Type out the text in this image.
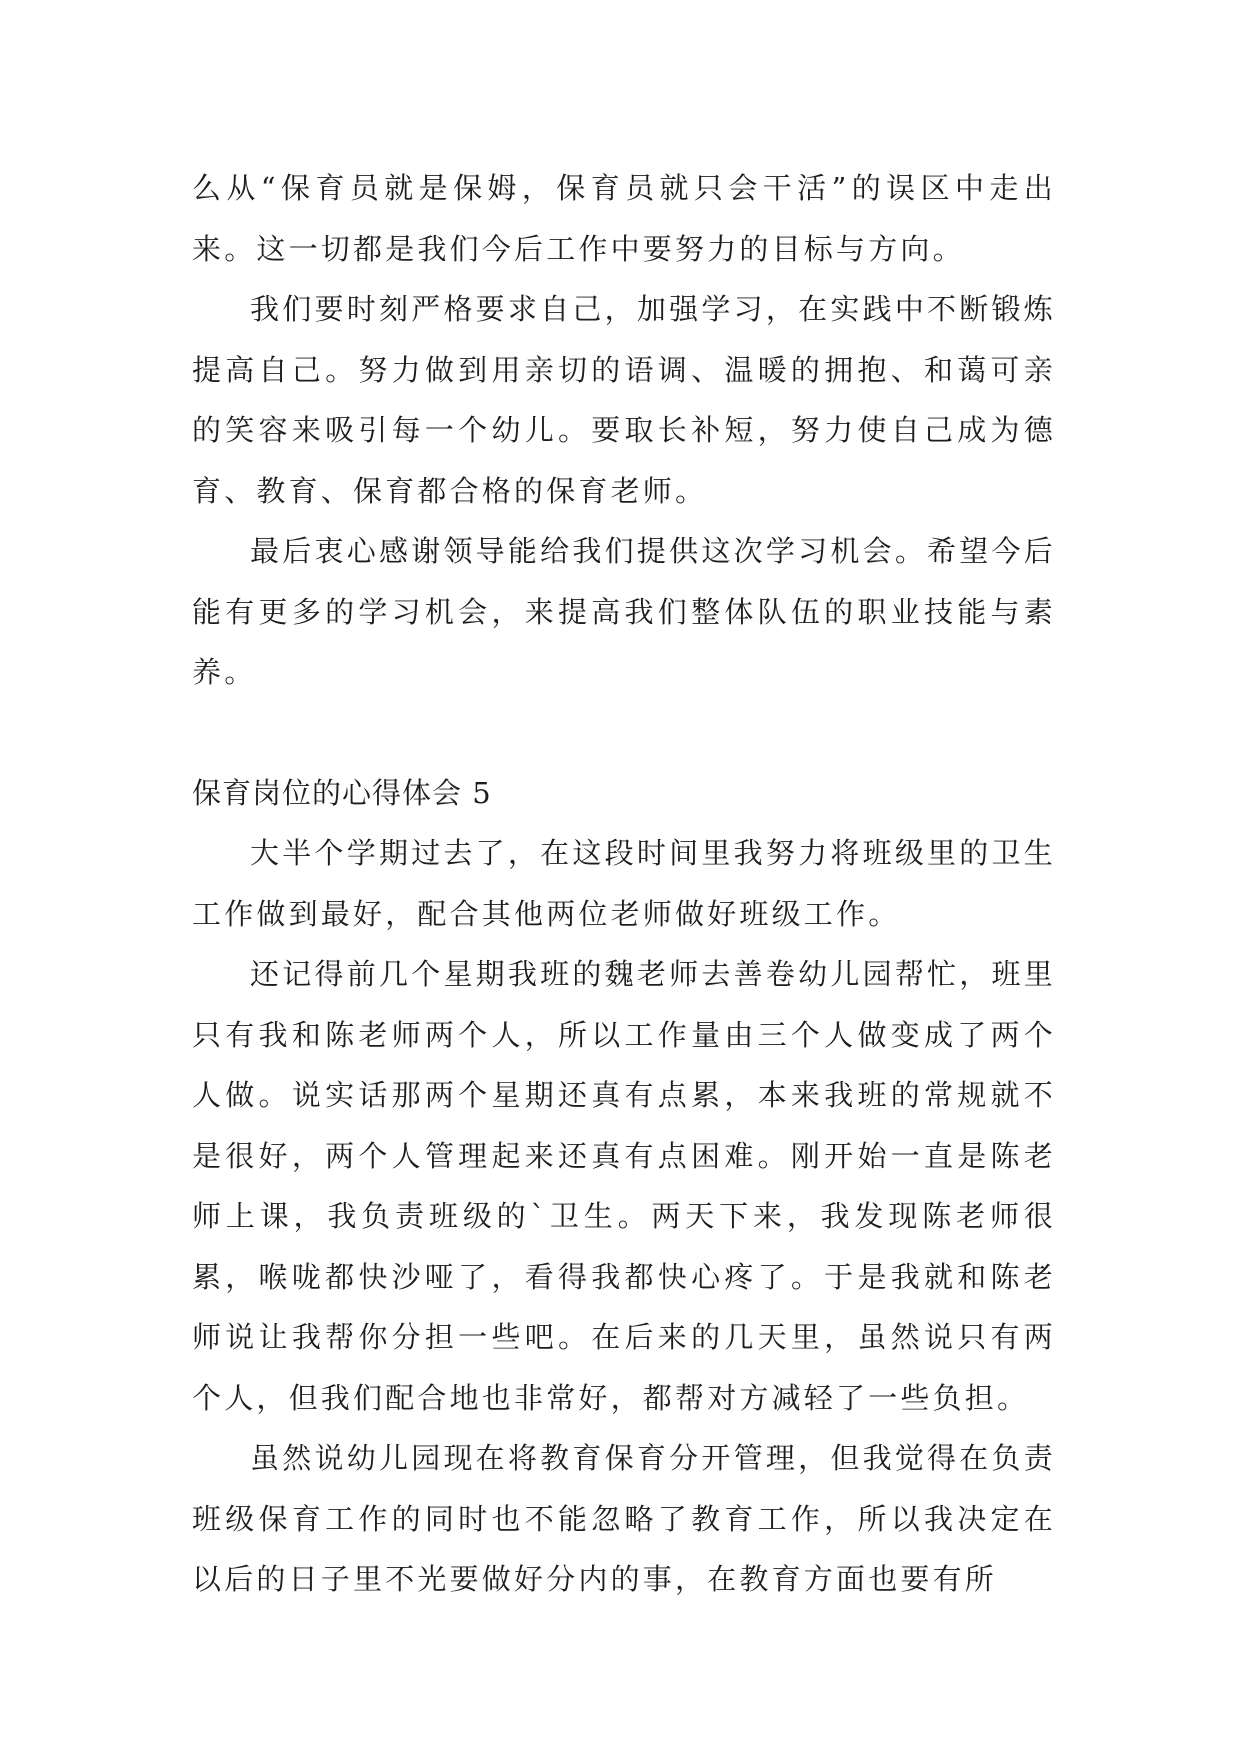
么从“保育员就是保姆，保育员就只会干活”的误区中走出来。这一切都是我们今后工作中要努力的目标与方向。

我们要时刻严格要求自己，加强学习，在实践中不断锻炼提高自己。努力做到用亲切的语调、温暖的拥抱、和蔼可亲的笑容来吸引每一个幼儿。要取长补短，努力使自己成为德育、教育、保育都合格的保育老师。

最后衷心感谢领导能给我们提供这次学习机会。希望今后能有更多的学习机会，来提高我们整体队伍的职业技能与素养。

保育岗位的心得体会 5

大半个学期过去了，在这段时间里我努力将班级里的卫生工作做到最好，配合其他两位老师做好班级工作。

还记得前几个星期我班的魏老师去善卷幼儿园帮忙，班里只有我和陈老师两个人，所以工作量由三个人做变成了两个人做。说实话那两个星期还真有点累，本来我班的常规就不是很好，两个人管理起来还真有点困难。刚开始一直是陈老师上课，我负责班级的`卫生。两天下来，我发现陈老师很累，喉咙都快沙哑了，看得我都快心疼了。于是我就和陈老师说让我帮你分担一些吧。在后来的几天里，虽然说只有两个人，但我们配合地也非常好，都帮对方减轻了一些负担。

虽然说幼儿园现在将教育保育分开管理，但我觉得在负责班级保育工作的同时也不能忽略了教育工作，所以我决定在以后的日子里不光要做好分内的事，在教育方面也要有所
